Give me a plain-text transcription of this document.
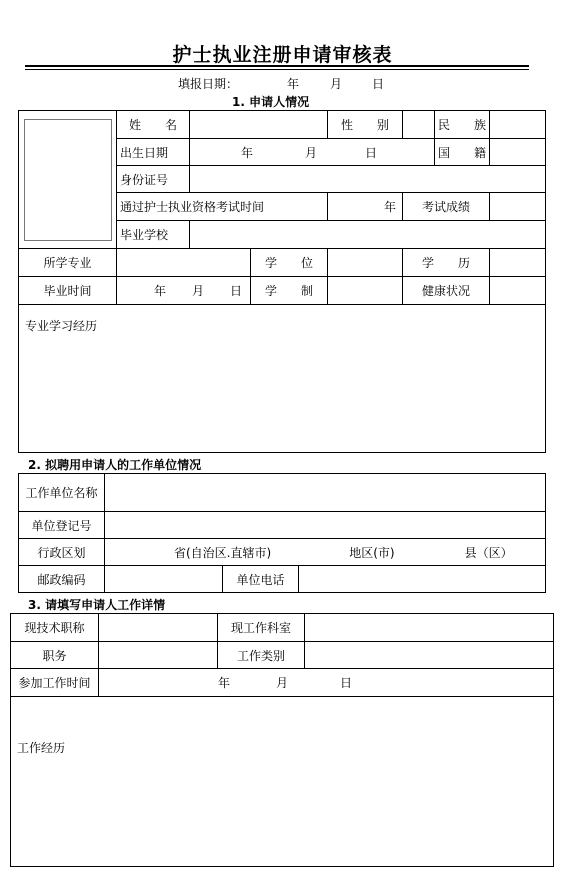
护士执业注册申请审核表
填报日期：	年	月 日
1. 申请人情况
	姓　　名			性　　别		民　　族	
	出生日期	年 月 日				国　　籍	
	身份证号						
	通过护士执业资格考试时间			年	考试成绩		
	毕业学校						
所学专业			学　　位		学　　历		
毕业时间	年 月 日		学　　制		健康状况		
专业学习经历							
2. 拟聘用申请人的工作单位情况
工作单位名称			
单位登记号			
行政区划	省(自治区.直辖市) 地区(市) 县（区）		
邮政编码		单位电话	
3. 请填写申请人工作详情
现技术职称		现工作科室	
职务		工作类别	
参加工作时间	年 月 日		
工作经历			
